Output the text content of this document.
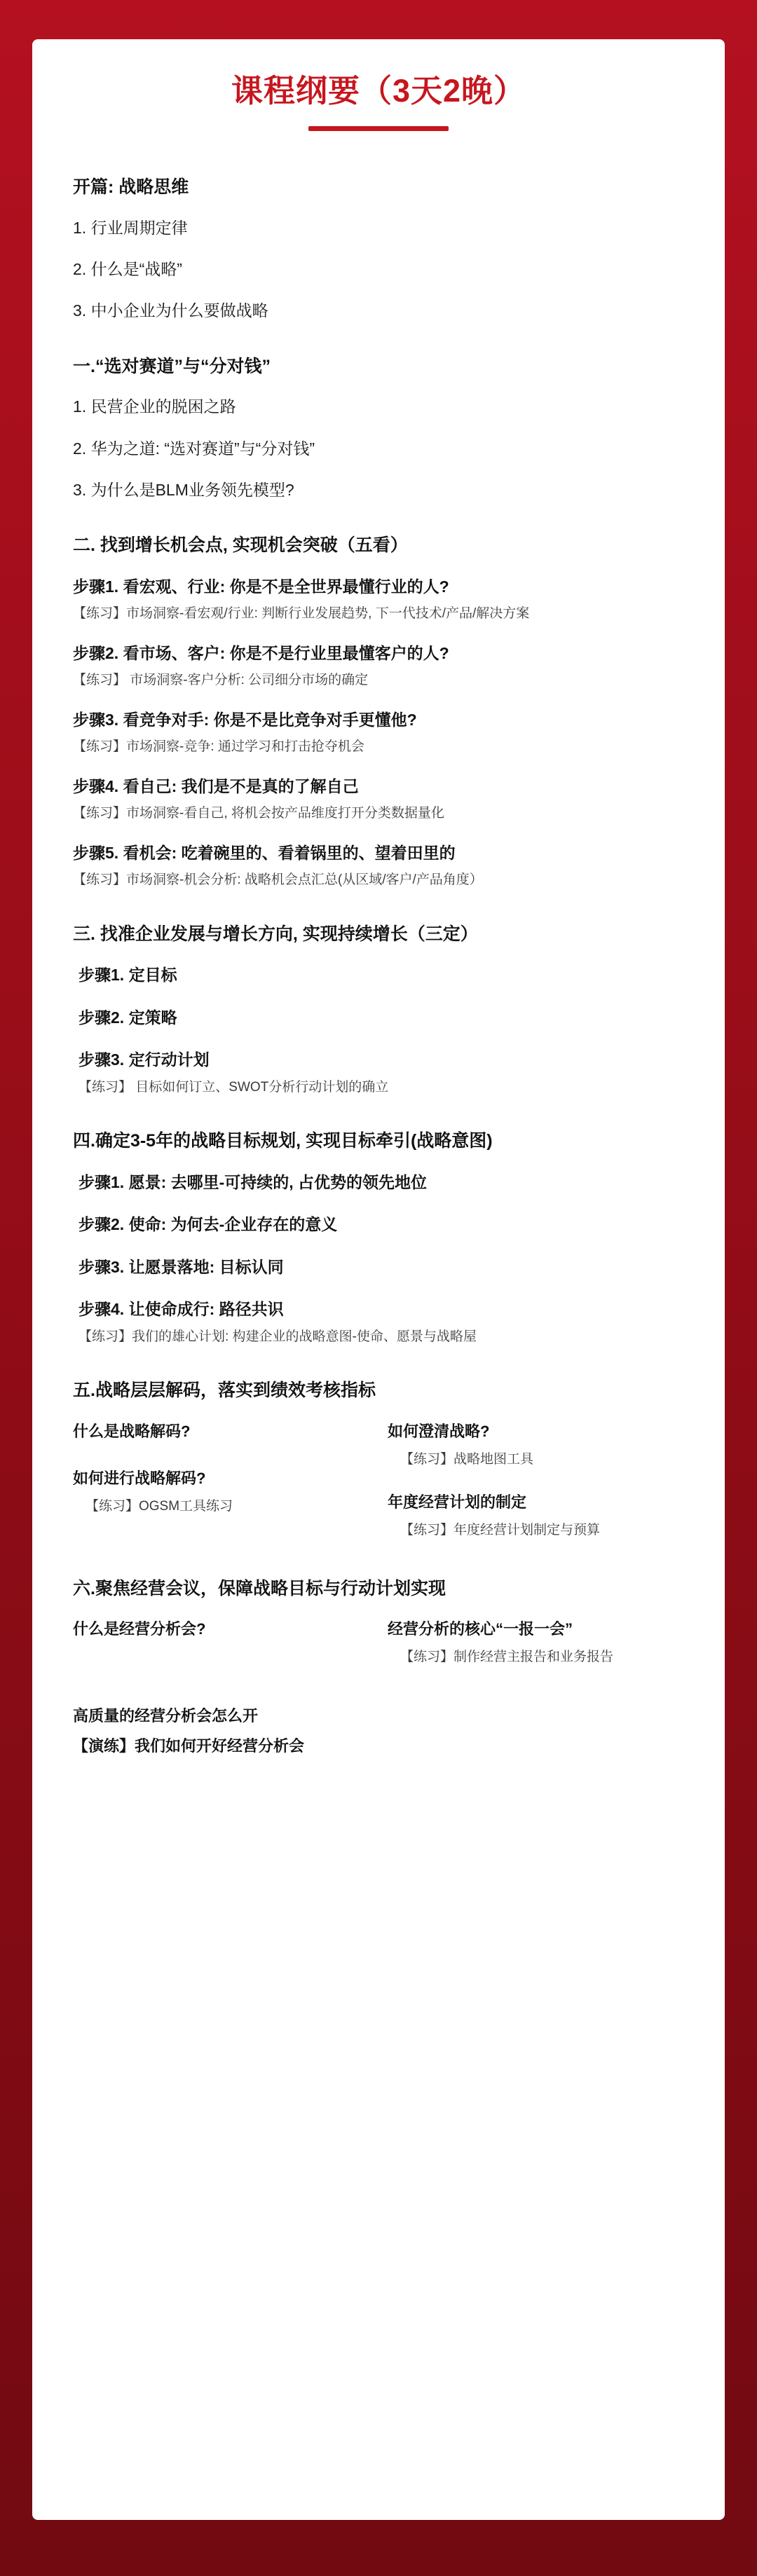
课程纲要（3天2晚）
开篇: 战略思维
1. 行业周期定律
2. 什么是“战略”
3. 中小企业为什么要做战略
一.“选对赛道”与“分对钱”
1. 民营企业的脱困之路
2. 华为之道: “选对赛道”与“分对钱”
3. 为什么是BLM业务领先模型?
二. 找到增长机会点, 实现机会突破（五看）
步骤1. 看宏观、行业: 你是不是全世界最懂行业的人?
【练习】市场洞察-看宏观/行业: 判断行业发展趋势, 下一代技术/产品/解决方案
步骤2. 看市场、客户: 你是不是行业里最懂客户的人?
【练习】 市场洞察-客户分析: 公司细分市场的确定
步骤3. 看竞争对手: 你是不是比竞争对手更懂他?
【练习】市场洞察-竞争: 通过学习和打击抢夺机会
步骤4. 看自己: 我们是不是真的了解自己
【练习】市场洞察-看自己, 将机会按产品维度打开分类数据量化
步骤5. 看机会: 吃着碗里的、看着锅里的、望着田里的
【练习】市场洞察-机会分析: 战略机会点汇总(从区域/客户/产品角度）
三. 找准企业发展与增长方向, 实现持续增长（三定）
步骤1. 定目标
步骤2. 定策略
步骤3. 定行动计划
【练习】 目标如何订立、SWOT分析行动计划的确立
四.确定3-5年的战略目标规划, 实现目标牵引(战略意图)
步骤1. 愿景: 去哪里-可持续的, 占优势的领先地位
步骤2. 使命: 为何去-企业存在的意义
步骤3. 让愿景落地: 目标认同
步骤4. 让使命成行: 路径共识
【练习】我们的雄心计划: 构建企业的战略意图-使命、愿景与战略屋
五.战略层层解码，落实到绩效考核指标
什么是战略解码?
如何进行战略解码?
【练习】OGSM工具练习
如何澄清战略?
【练习】战略地图工具
年度经营计划的制定
【练习】年度经营计划制定与预算
六.聚焦经营会议，保障战略目标与行动计划实现
什么是经营分析会?	经营分析的核心“一报一会”
【练习】制作经营主报告和业务报告
高质量的经营分析会怎么开
【演练】我们如何开好经营分析会
